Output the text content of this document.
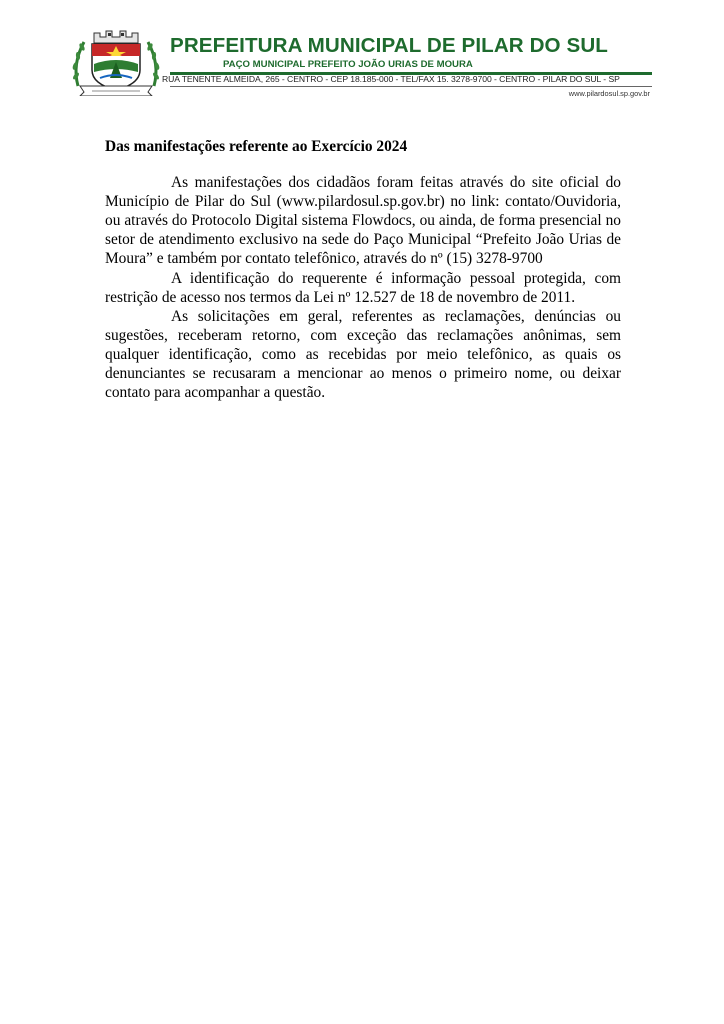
PREFEITURA MUNICIPAL DE PILAR DO SUL
PAÇO MUNICIPAL PREFEITO JOÃO URIAS DE MOURA
RUA TENENTE ALMEIDA, 265 - CENTRO - CEP 18.185-000 - TEL/FAX 15. 3278-9700 - CENTRO - PILAR DO SUL - SP
www.pilardosul.sp.gov.br

Das manifestações referente ao Exercício 2024

As manifestações dos cidadãos foram feitas através do site oficial do Município de Pilar do Sul (www.pilardosul.sp.gov.br) no link: contato/Ouvidoria, ou através do Protocolo Digital sistema Flowdocs, ou ainda, de forma presencial no setor de atendimento exclusivo na sede do Paço Municipal “Prefeito João Urias de Moura” e também por contato telefônico, através do nº (15) 3278-9700

A identificação do requerente é informação pessoal protegida, com restrição de acesso nos termos da Lei nº 12.527 de 18 de novembro de 2011.

As solicitações em geral, referentes as reclamações, denúncias ou sugestões, receberam retorno, com exceção das reclamações anônimas, sem qualquer identificação, como as recebidas por meio telefônico, as quais os denunciantes se recusaram a mencionar ao menos o primeiro nome, ou deixar contato para acompanhar a questão.
